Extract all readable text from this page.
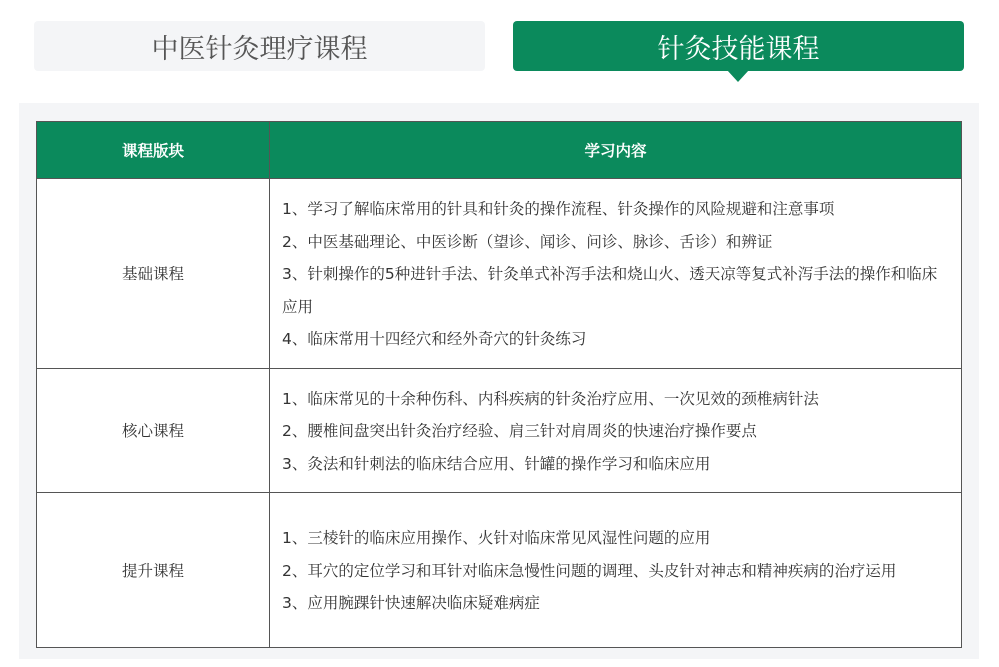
中医针灸理疗课程	针灸技能课程
课程版块	学习内容
基础课程	1、学习了解临床常用的针具和针灸的操作流程、针灸操作的风险规避和注意事项
2、中医基础理论、中医诊断（望诊、闻诊、问诊、脉诊、舌诊）和辨证
3、针刺操作的5种进针手法、针灸单式补泻手法和烧山火、透天凉等复式补泻手法的操作和临床应用
4、临床常用十四经穴和经外奇穴的针灸练习

核心课程	1、临床常见的十余种伤科、内科疾病的针灸治疗应用、一次见效的颈椎病针法
2、腰椎间盘突出针灸治疗经验、肩三针对肩周炎的快速治疗操作要点
3、灸法和针刺法的临床结合应用、针罐的操作学习和临床应用

提升课程	1、三棱针的临床应用操作、火针对临床常见风湿性问题的应用
2、耳穴的定位学习和耳针对临床急慢性问题的调理、头皮针对神志和精神疾病的治疗运用
3、应用腕踝针快速解决临床疑难病症
